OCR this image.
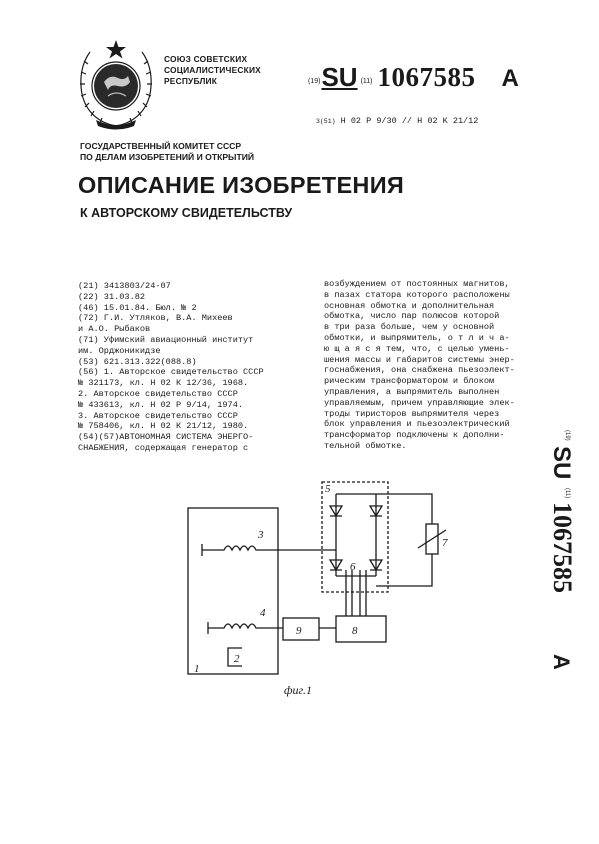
СОЮЗ СОВЕТСКИХ
СОЦИАЛИСТИЧЕСКИХ
РЕСПУБЛИК	(19)SU (11) 1067585 A
3(51) H 02 P 9/30 // H 02 K 21/12
ГОСУДАРСТВЕННЫЙ КОМИТЕТ СССР
ПО ДЕЛАМ ИЗОБРЕТЕНИЙ И ОТКРЫТИЙ
ОПИСАНИЕ ИЗОБРЕТЕНИЯ
К АВТОРСКОМУ СВИДЕТЕЛЬСТВУ
(21) 3413803/24-07
(22) 31.03.82
(46) 15.01.84. Бюл. № 2
(72) Г.И. Утляков, В.А. Михеев
и А.О. Рыбаков
(71) Уфимский авиационный институт
им. Орджоникидзе
(53) 621.313.322(088.8)
(56) 1. Авторское свидетельство СССР
№ 321173, кл. Н 02 К 12/36, 1968.
2. Авторское свидетельство СССР
№ 433613, кл. Н 02 Р 9/14, 1974.
3. Авторское свидетельство СССР
№ 758406, кл. Н 02 К 21/12, 1980.
(54)(57)АВТОНОМНАЯ СИСТЕМА ЭНЕРГО-
СНАБЖЕНИЯ, содержащая генератор с
возбуждением от постоянных магнитов,
в пазах статора которого расположены
основная обмотка и дополнительная
обмотка, число пар полюсов которой
в три раза больше, чем у основной
обмотки, и выпрямитель, о т л и ч а-
ю щ а я с я тем, что, с целью умень-
шения массы и габаритов системы энер-
госнабжения, она снабжена пьезоэлект-
рическим трансформатором и блоком
управления, а выпрямитель выполнен
управляемым, причем управляющие элек-
троды тиристоров выпрямителя через
блок управления и пьезоэлектрический
трансформатор подключены к дополни-
тельной обмотке.
(19)
SU
(11)
1067585
A
1
2
3
4
5
6
7
8
9
фиг.1
